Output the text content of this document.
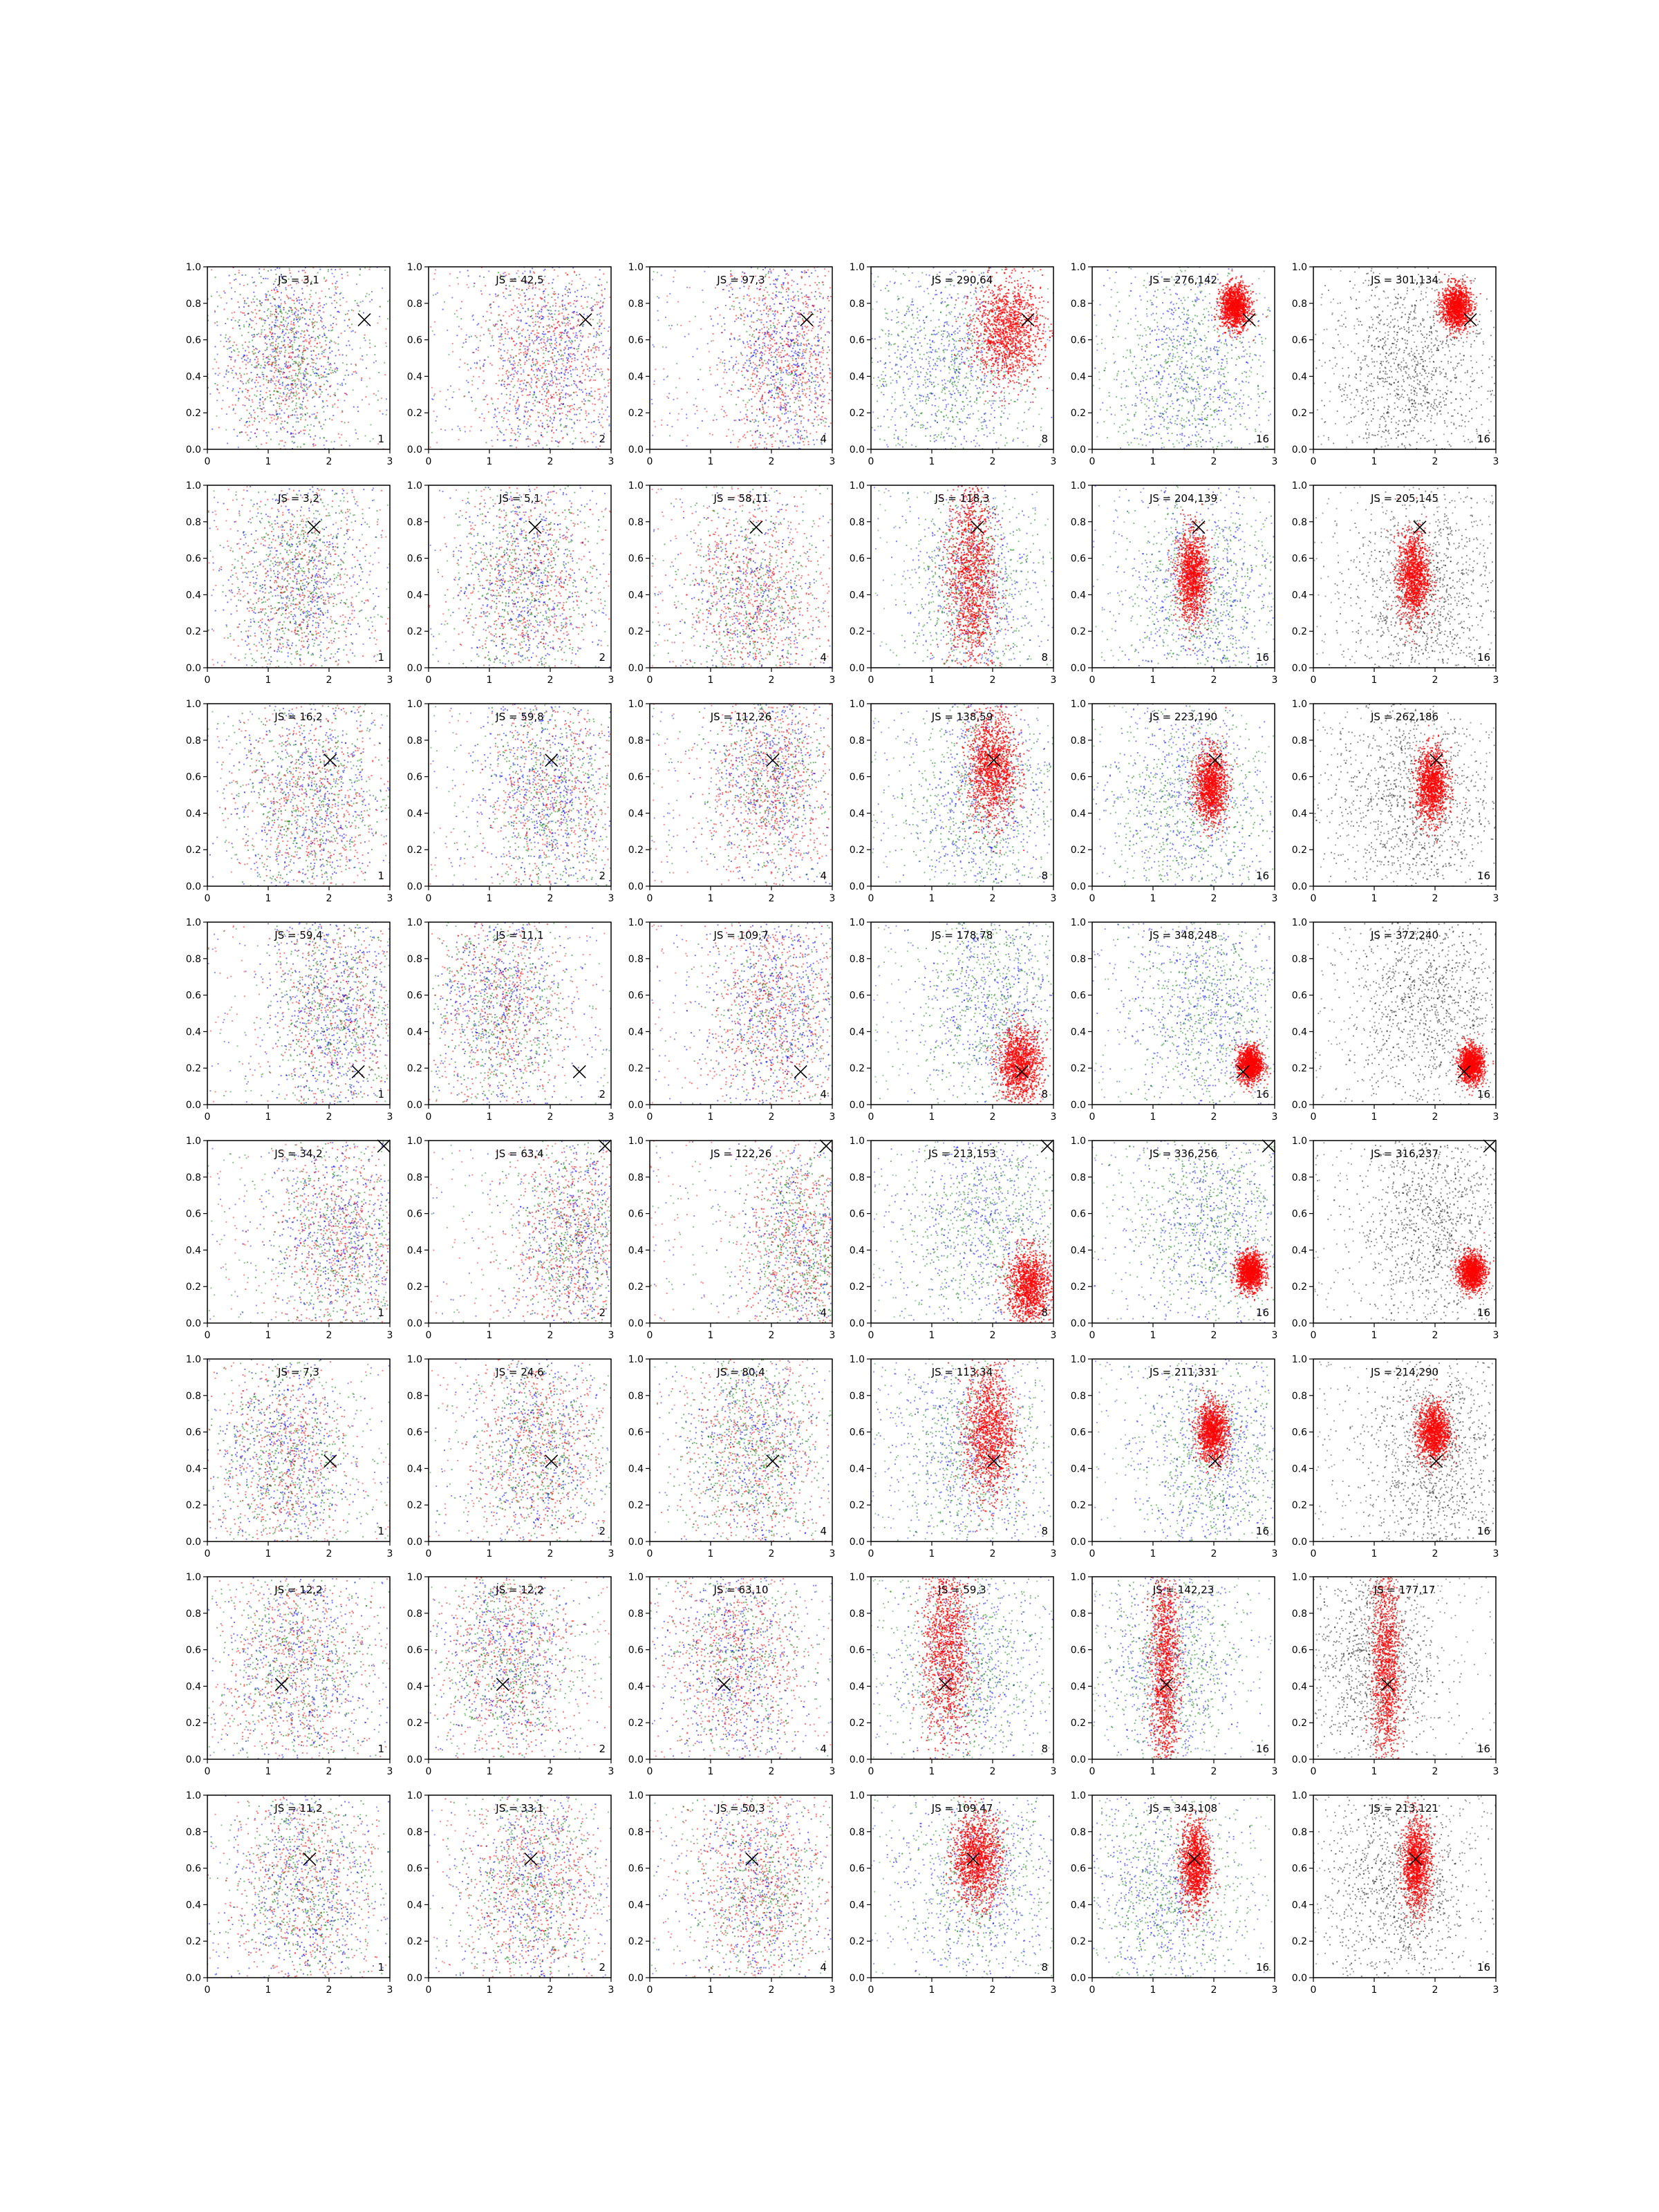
0	1	2	3
0.0
0.2
0.4
0.6
0.8
1.0
JS = 3,1
1
0	1	2	3
0.0
0.2
0.4
0.6
0.8
1.0
JS = 42,5
2
0	1	2	3
0.0
0.2
0.4
0.6
0.8
1.0
JS = 97,3
4
0	1	2	3
0.0
0.2
0.4
0.6
0.8
1.0
JS = 290,64
8
0	1	2	3
0.0
0.2
0.4
0.6
0.8
1.0
JS = 276,142
16
0	1	2	3
0.0
0.2
0.4
0.6
0.8
1.0
JS = 301,134
16
0	1	2	3
0.0
0.2
0.4
0.6
0.8
1.0
JS = 3,2
1
0	1	2	3
0.0
0.2
0.4
0.6
0.8
1.0
JS = 5,1
2
0	1	2	3
0.0
0.2
0.4
0.6
0.8
1.0
JS = 58,11
4
0	1	2	3
0.0
0.2
0.4
0.6
0.8
1.0
JS = 118,3
8
0	1	2	3
0.0
0.2
0.4
0.6
0.8
1.0
JS = 204,139
16
0	1	2	3
0.0
0.2
0.4
0.6
0.8
1.0
JS = 205,145
16
0	1	2	3
0.0
0.2
0.4
0.6
0.8
1.0
JS = 16,2
1
0	1	2	3
0.0
0.2
0.4
0.6
0.8
1.0
JS = 59,8
2
0	1	2	3
0.0
0.2
0.4
0.6
0.8
1.0
JS = 112,26
4
0	1	2	3
0.0
0.2
0.4
0.6
0.8
1.0
JS = 138,59
8
0	1	2	3
0.0
0.2
0.4
0.6
0.8
1.0
JS = 223,190
16
0	1	2	3
0.0
0.2
0.4
0.6
0.8
1.0
JS = 262,186
16
0	1	2	3
0.0
0.2
0.4
0.6
0.8
1.0
JS = 59,4
1
0	1	2	3
0.0
0.2
0.4
0.6
0.8
1.0
JS = 11,1
2
0	1	2	3
0.0
0.2
0.4
0.6
0.8
1.0
JS = 109,7
4
0	1	2	3
0.0
0.2
0.4
0.6
0.8
1.0
JS = 178,78
8
0	1	2	3
0.0
0.2
0.4
0.6
0.8
1.0
JS = 348,248
16
0	1	2	3
0.0
0.2
0.4
0.6
0.8
1.0
JS = 372,240
16
0	1	2	3
0.0
0.2
0.4
0.6
0.8
1.0
JS = 34,2
1
0	1	2	3
0.0
0.2
0.4
0.6
0.8
1.0
JS = 63,4
2
0	1	2	3
0.0
0.2
0.4
0.6
0.8
1.0
JS = 122,26
4
0	1	2	3
0.0
0.2
0.4
0.6
0.8
1.0
JS = 213,153
8
0	1	2	3
0.0
0.2
0.4
0.6
0.8
1.0
JS = 336,256
16
0	1	2	3
0.0
0.2
0.4
0.6
0.8
1.0
JS = 316,237
16
0	1	2	3
0.0
0.2
0.4
0.6
0.8
1.0
JS = 7,3
1
0	1	2	3
0.0
0.2
0.4
0.6
0.8
1.0
JS = 24,6
2
0	1	2	3
0.0
0.2
0.4
0.6
0.8
1.0
JS = 80,4
4
0	1	2	3
0.0
0.2
0.4
0.6
0.8
1.0
JS = 113,34
8
0	1	2	3
0.0
0.2
0.4
0.6
0.8
1.0
JS = 211,331
16
0	1	2	3
0.0
0.2
0.4
0.6
0.8
1.0
JS = 214,290
16
0	1	2	3
0.0
0.2
0.4
0.6
0.8
1.0
JS = 12,2
1
0	1	2	3
0.0
0.2
0.4
0.6
0.8
1.0
JS = 12,2
2
0	1	2	3
0.0
0.2
0.4
0.6
0.8
1.0
JS = 63,10
4
0	1	2	3
0.0
0.2
0.4
0.6
0.8
1.0
JS = 59,3
8
0	1	2	3
0.0
0.2
0.4
0.6
0.8
1.0
JS = 142,23
16
0	1	2	3
0.0
0.2
0.4
0.6
0.8
1.0
JS = 177,17
16
0	1	2	3
0.0
0.2
0.4
0.6
0.8
1.0
JS = 11,2
1
0	1	2	3
0.0
0.2
0.4
0.6
0.8
1.0
JS = 33,1
2
0	1	2	3
0.0
0.2
0.4
0.6
0.8
1.0
JS = 50,3
4
0	1	2	3
0.0
0.2
0.4
0.6
0.8
1.0
JS = 109,47
8
0	1	2	3
0.0
0.2
0.4
0.6
0.8
1.0
JS = 343,108
16
0	1	2	3
0.0
0.2
0.4
0.6
0.8
1.0
JS = 213,121
16
